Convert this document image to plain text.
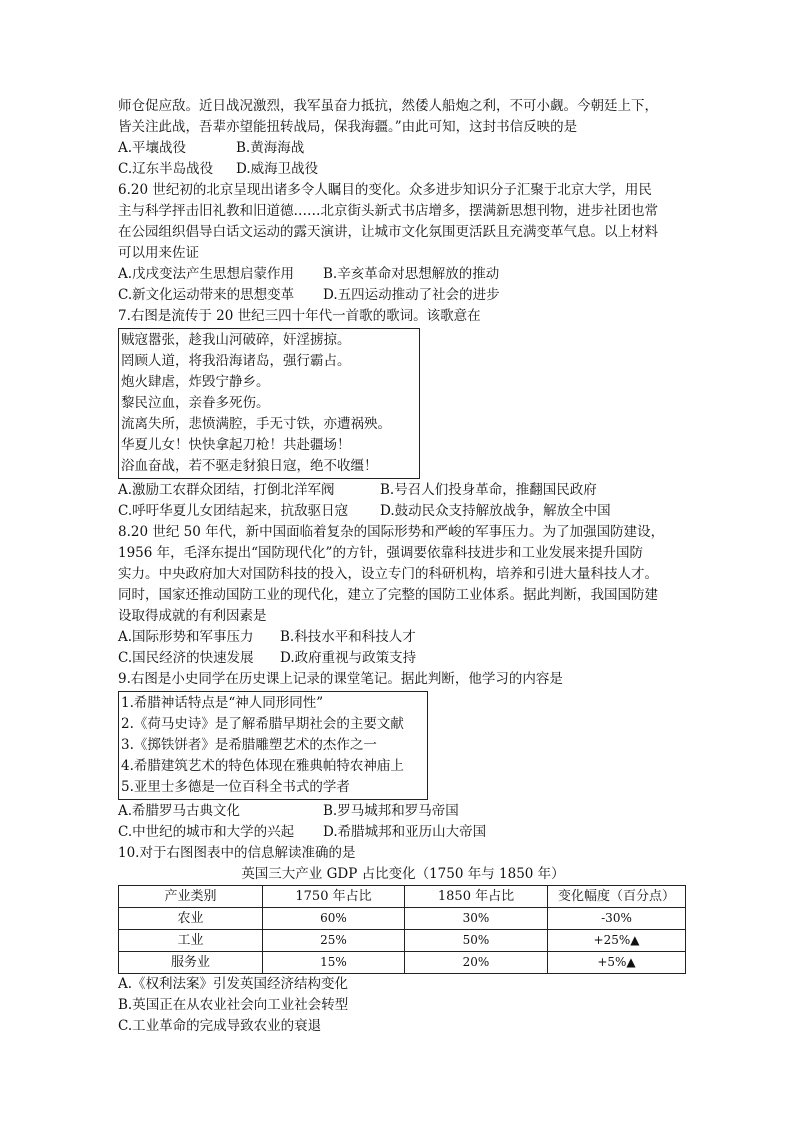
师仓促应敌。近日战况激烈，我军虽奋力抵抗，然倭人船炮之利，不可小觑。今朝廷上下，

皆关注此战，吾辈亦望能扭转战局，保我海疆。”由此可知，这封书信反映的是

A.平壤战役	B.黄海海战
C.辽东半岛战役	D.威海卫战役

6.20 世纪初的北京呈现出诸多令人瞩目的变化。众多进步知识分子汇聚于北京大学，用民

主与科学抨击旧礼教和旧道德……北京街头新式书店增多，摆满新思想刊物，进步社团也常

在公园组织倡导白话文运动的露天演讲，让城市文化氛围更活跃且充满变革气息。以上材料

可以用来佐证

A.戊戌变法产生思想启蒙作用	B.辛亥革命对思想解放的推动
C.新文化运动带来的思想变革	D.五四运动推动了社会的进步

7.右图是流传于 20 世纪三四十年代一首歌的歌词。该歌意在

贼寇嚣张，趁我山河破碎，奸淫掳掠。

罔顾人道，将我沿海诸岛，强行霸占。

炮火肆虐，炸毁宁静乡。

黎民泣血，亲眷多死伤。

流离失所，悲愤满腔，手无寸铁，亦遭祸殃。

华夏儿女！快快拿起刀枪！共赴疆场！

浴血奋战，若不驱走豺狼日寇，绝不收缰！

A.激励工农群众团结，打倒北洋军阀	B.号召人们投身革命，推翻国民政府
C.呼吁华夏儿女团结起来，抗敌驱日寇	D.鼓动民众支持解放战争，解放全中国

8.20 世纪 50 年代，新中国面临着复杂的国际形势和严峻的军事压力。为了加强国防建设，

1956 年，毛泽东提出“国防现代化”的方针，强调要依靠科技进步和工业发展来提升国防

实力。中央政府加大对国防科技的投入，设立专门的科研机构，培养和引进大量科技人才。

同时，国家还推动国防工业的现代化，建立了完整的国防工业体系。据此判断，我国国防建

设取得成就的有利因素是

A.国际形势和军事压力	B.科技水平和科技人才
C.国民经济的快速发展	D.政府重视与政策支持

9.右图是小史同学在历史课上记录的课堂笔记。据此判断，他学习的内容是

1.希腊神话特点是“神人同形同性”

2.《荷马史诗》是了解希腊早期社会的主要文献

3.《掷铁饼者》是希腊雕塑艺术的杰作之一

4.希腊建筑艺术的特色体现在雅典帕特农神庙上

5.亚里士多德是一位百科全书式的学者

A.希腊罗马古典文化	B.罗马城邦和罗马帝国
C.中世纪的城市和大学的兴起	D.希腊城邦和亚历山大帝国

10.对于右图图表中的信息解读准确的是

英国三大产业 GDP 占比变化（1750 年与 1850 年）

产业类别	1750 年占比	1850 年占比	变化幅度（百分点）
农业	60%	30%	-30%
工业	25%	50%	+25%▲
服务业	15%	20%	+5%▲

A.《权利法案》引发英国经济结构变化

B.英国正在从农业社会向工业社会转型

C.工业革命的完成导致农业的衰退
